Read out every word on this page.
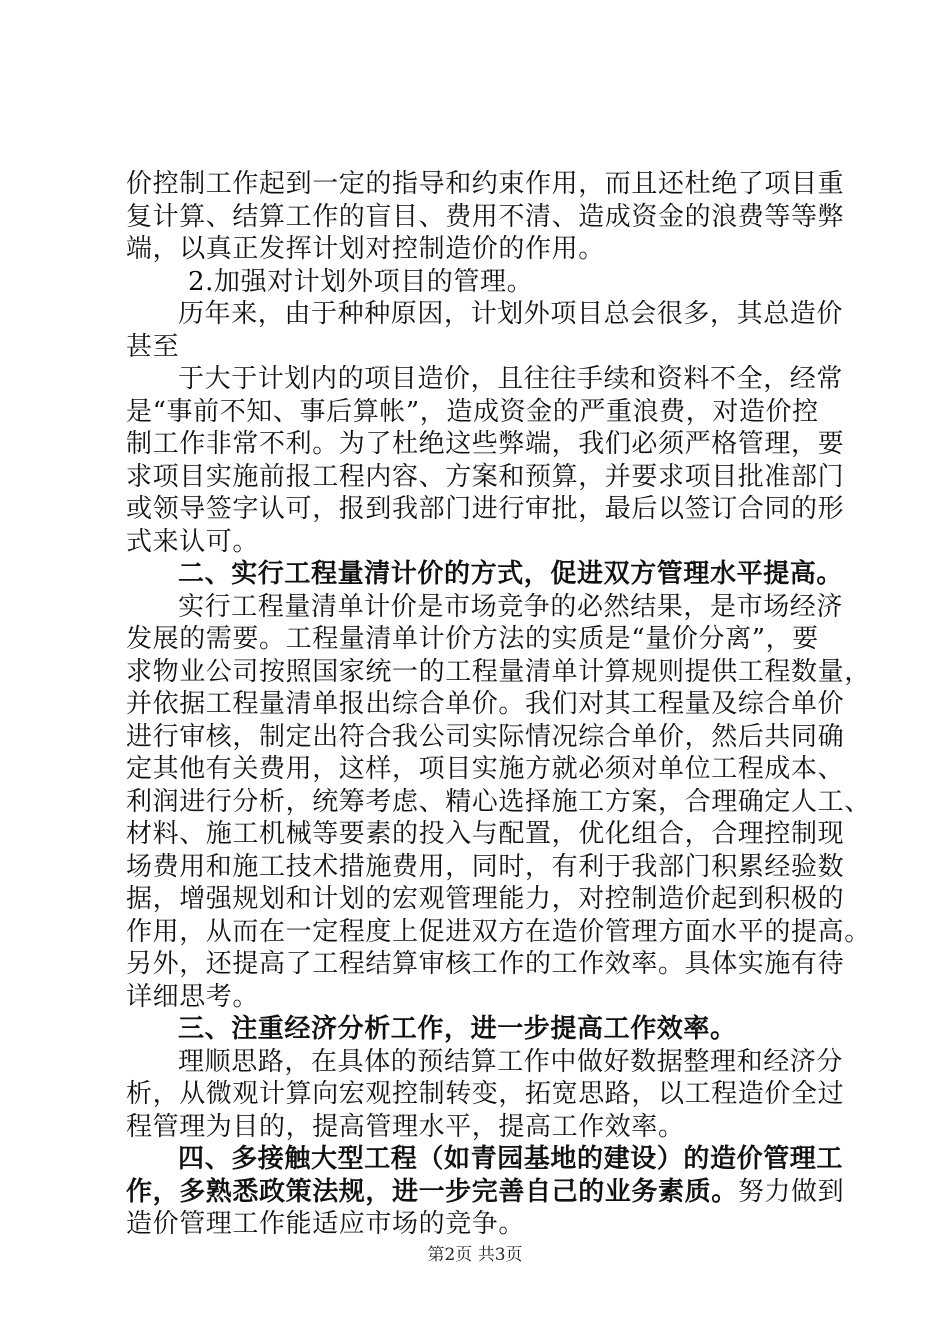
价控制工作起到一定的指导和约束作用，而且还杜绝了项目重
复计算、结算工作的盲目、费用不清、造成资金的浪费等等弊
端，以真正发挥计划对控制造价的作用。
2.加强对计划外项目的管理。
历年来，由于种种原因，计划外项目总会很多，其总造价
甚至
于大于计划内的项目造价，且往往手续和资料不全，经常
是“事前不知、事后算帐”，造成资金的严重浪费，对造价控
制工作非常不利。为了杜绝这些弊端，我们必须严格管理，要
求项目实施前报工程内容、方案和预算，并要求项目批准部门
或领导签字认可，报到我部门进行审批，最后以签订合同的形
式来认可。
二、实行工程量清计价的方式，促进双方管理水平提高。
实行工程量清单计价是市场竞争的必然结果，是市场经济
发展的需要。工程量清单计价方法的实质是“量价分离”，要
求物业公司按照国家统一的工程量清单计算规则提供工程数量，
并依据工程量清单报出综合单价。我们对其工程量及综合单价
进行审核，制定出符合我公司实际情况综合单价，然后共同确
定其他有关费用，这样，项目实施方就必须对单位工程成本、
利润进行分析，统筹考虑、精心选择施工方案，合理确定人工、
材料、施工机械等要素的投入与配置，优化组合，合理控制现
场费用和施工技术措施费用，同时，有利于我部门积累经验数
据，增强规划和计划的宏观管理能力，对控制造价起到积极的
作用，从而在一定程度上促进双方在造价管理方面水平的提高。
另外，还提高了工程结算审核工作的工作效率。具体实施有待
详细思考。
三、注重经济分析工作，进一步提高工作效率。
理顺思路，在具体的预结算工作中做好数据整理和经济分
析，从微观计算向宏观控制转变，拓宽思路，以工程造价全过
程管理为目的，提高管理水平，提高工作效率。
四、多接触大型工程（如青园基地的建设）的造价管理工
作，多熟悉政策法规，进一步完善自己的业务素质。努力做到
造价管理工作能适应市场的竞争。
第2页 共3页
